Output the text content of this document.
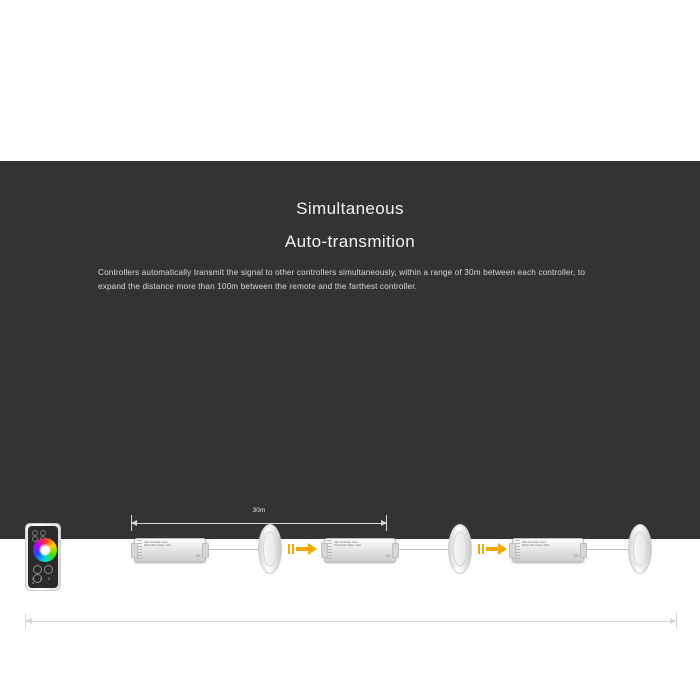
Simultaneous
Auto-transmition
Controllers automatically transmit the signal to other controllers simultaneously, within a range of 30m between each controller, to expand the distance more than 100m between the remote and the farthest controller.
30m
1 2 3 4
MAX 30M
LED Controller Input: DC12-24V Output: 4CH
CE
LED Controller Input: DC12-24V Output: 4CH
CE
LED Controller Input: DC12-24V Output: 4CH
CE
more than 100m
